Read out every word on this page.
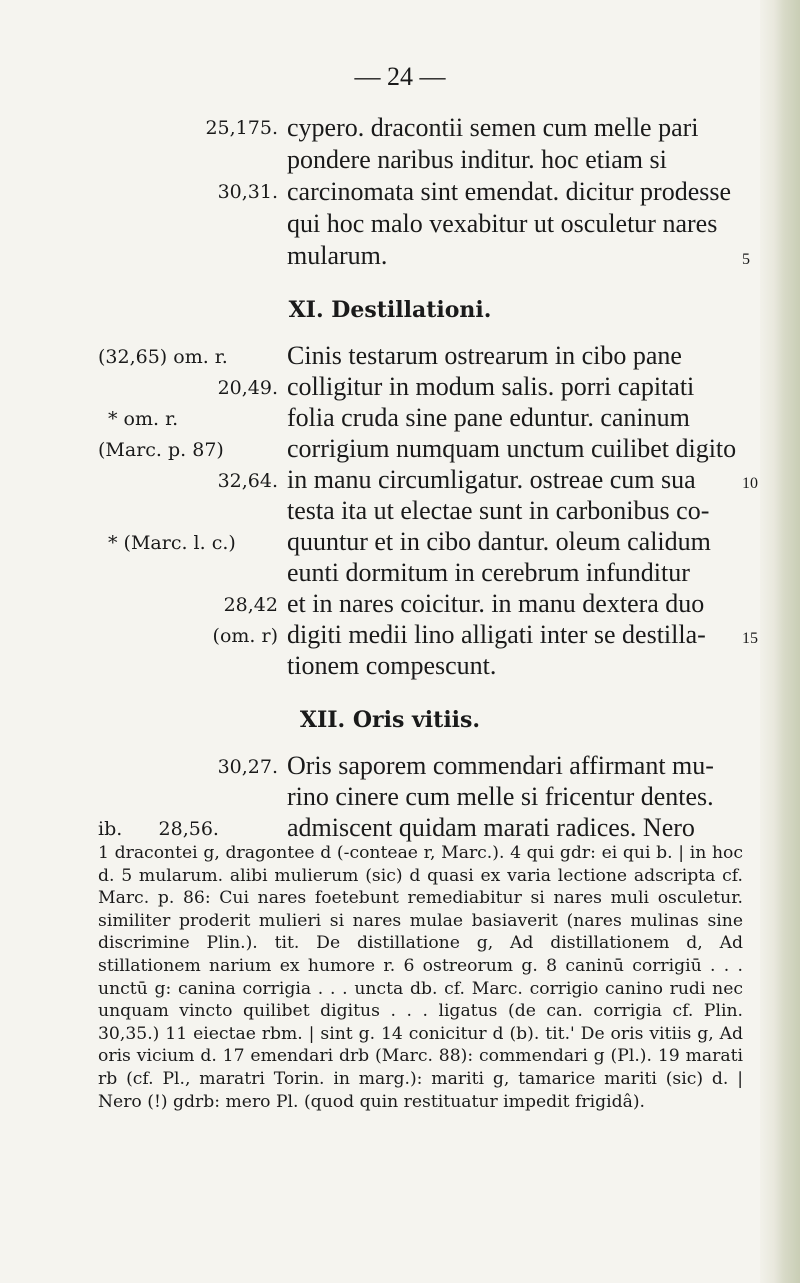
— 24 —
25,175. cypero. dracontii semen cum melle pari
pondere naribus inditur. hoc etiam si
30,31. carcinomata sint emendat. dicitur prodesse
qui hoc malo vexabitur ut osculetur nares
mularum.	5
XI. Destillationi.
(32,65) om. r. Cinis testarum ostrearum in cibo pane
20,49. colligitur in modum salis. porri capitati
* om. r.	folia cruda sine pane eduntur. caninum
(Marc. p. 87) corrigium numquam unctum cuilibet digito
32,64. in manu circumligatur. ostreae cum sua	10
testa ita ut electae sunt in carbonibus co-
* (Marc. l. c.) quuntur et in cibo dantur. oleum calidum
eunti dormitum in cerebrum infunditur
28,42 et in nares coicitur. in manu dextera duo
(om. r) digiti medii lino alligati inter se destilla- 15
tionem compescunt.
XII. Oris vitiis.
30,27. Oris saporem commendari affirmant mu-
rino cinere cum melle si fricentur dentes.
ib.      28,56.	admiscent quidam marati radices. Nero

1 dracontei g, dragontee d (-conteae r, Marc.). 4 qui gdr: ei qui b. | in hoc d. 5 mularum. alibi mulierum (sic) d quasi ex varia lectione adscripta cf. Marc. p. 86: Cui nares foetebunt remediabitur si nares muli osculetur. similiter proderit mulieri si nares mulae basiaverit (nares mulinas sine discrimine Plin.). tit. De distillatione g, Ad distillationem d, Ad stillationem narium ex humore r. 6 ostreorum g. 8 caninū corrigiū . . . unctū g: canina corrigia . . . uncta db. cf. Marc. corrigio canino rudi nec unquam vincto quilibet digitus . . . ligatus (de can. corrigia cf. Plin. 30,35.) 11 eiectae rbm. | sint g. 14 conicitur d (b). tit.' De oris vitiis g, Ad oris vicium d. 17 emendari drb (Marc. 88): commendari g (Pl.). 19 marati rb (cf. Pl., maratri Torin. in marg.): mariti g, tamarice mariti (sic) d. | Nero (!) gdrb: mero Pl. (quod quin restituatur impedit frigidâ).
